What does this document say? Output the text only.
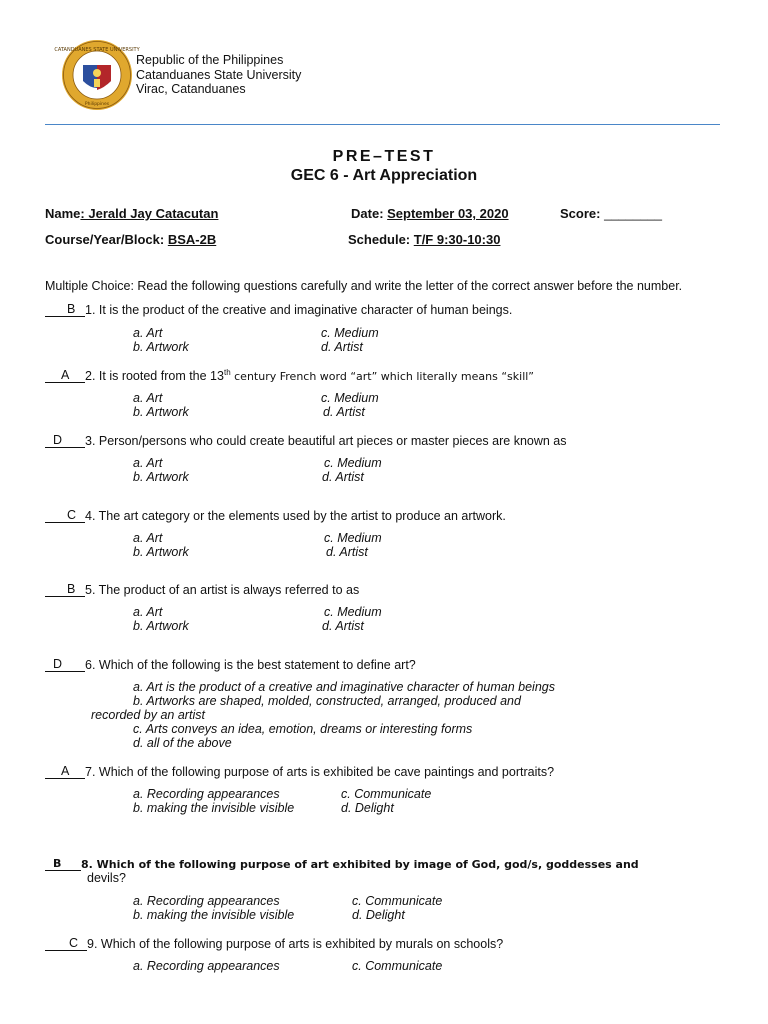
CATANDUANES STATE UNIVERSITY
Philippines
Republic of the Philippines
Catanduanes State University
Virac, Catanduanes
PRE–TEST
GEC 6 - Art Appreciation
Name: Jerald Jay Catacutan	Date: September 03, 2020	Score: ________
Course/Year/Block: BSA-2B	Schedule: T/F 9:30-10:30
Multiple Choice: Read the following questions carefully and write the letter of the correct answer before the number.
B 1. It is the product of the creative and imaginative character of human beings.
a. Art	c. Medium
b. Artwork	d. Artist
A 2. It is rooted from the 13th century French word “art” which literally means “skill”
a. Art	c. Medium
b. Artwork	d. Artist
D 3. Person/persons who could create beautiful art pieces or master pieces are known as
a. Art	c. Medium
b. Artwork	d. Artist
C 4. The art category or the elements used by the artist to produce an artwork.
a. Art	c. Medium
b. Artwork	d. Artist
B 5. The product of an artist is always referred to as
a. Art	c. Medium
b. Artwork	d. Artist
D 6. Which of the following is the best statement to define art?
a. Art is the product of a creative and imaginative character of human beings
b. Artworks are shaped, molded, constructed, arranged, produced and
recorded by an artist
c. Arts conveys an idea, emotion, dreams or interesting forms
d. all of the above
A 7. Which of the following purpose of arts is exhibited be cave paintings and portraits?
a. Recording appearances	c. Communicate
b. making the invisible visible	d. Delight
B 8. Which of the following purpose of art exhibited by image of God, god/s, goddesses and
devils?
a. Recording appearances	c. Communicate
b. making the invisible visible	d. Delight
C 9. Which of the following purpose of arts is exhibited by murals on schools?
a. Recording appearances	c. Communicate
